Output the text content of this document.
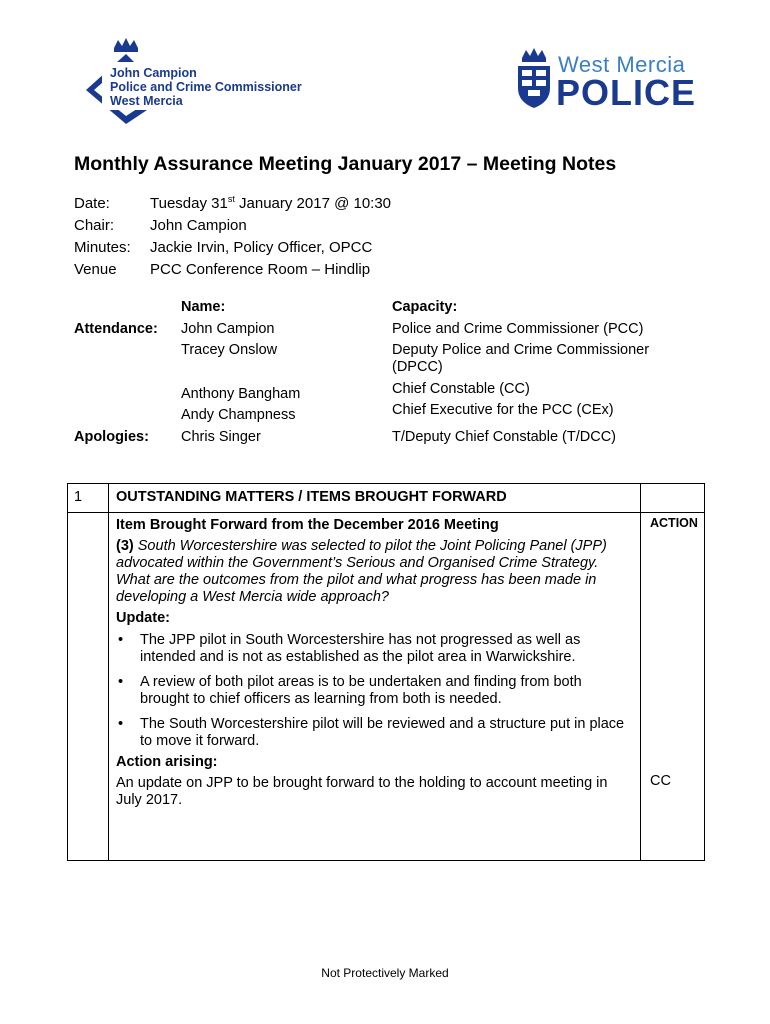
John Campion
Police and Crime Commissioner
West Mercia
West Mercia
POLICE
Monthly Assurance Meeting January 2017 – Meeting Notes
Date:	Tuesday 31st January 2017 @ 10:30
Chair: John Campion
Minutes: Jackie Irvin, Policy Officer, OPCC
Venue PCC Conference Room – Hindlip
Name:	Capacity:
Attendance: John Campion	Police and Crime Commissioner (PCC)
Tracey Onslow	Deputy Police and Crime Commissioner
(DPCC)
Anthony Bangham	Chief Constable (CC)
Andy Champness	Chief Executive for the PCC (CEx)
Apologies: Chris Singer	T/Deputy Chief Constable (T/DCC)
1 OUTSTANDING MATTERS / ITEMS BROUGHT FORWARD
ACTION
Item Brought Forward from the December 2016 Meeting
(3) South Worcestershire was selected to pilot the Joint Policing Panel (JPP) advocated within the Government’s Serious and Organised Crime Strategy. What are the outcomes from the pilot and what progress has been made in developing a West Mercia wide approach?
Update:
• The JPP pilot in South Worcestershire has not progressed as well as intended and is not as established as the pilot area in Warwickshire.
• A review of both pilot areas is to be undertaken and finding from both brought to chief officers as learning from both is needed.
• The South Worcestershire pilot will be reviewed and a structure put in place to move it forward.
Action arising:
An update on JPP to be brought forward to the holding to account meeting in July 2017.
CC
Not Protectively Marked
